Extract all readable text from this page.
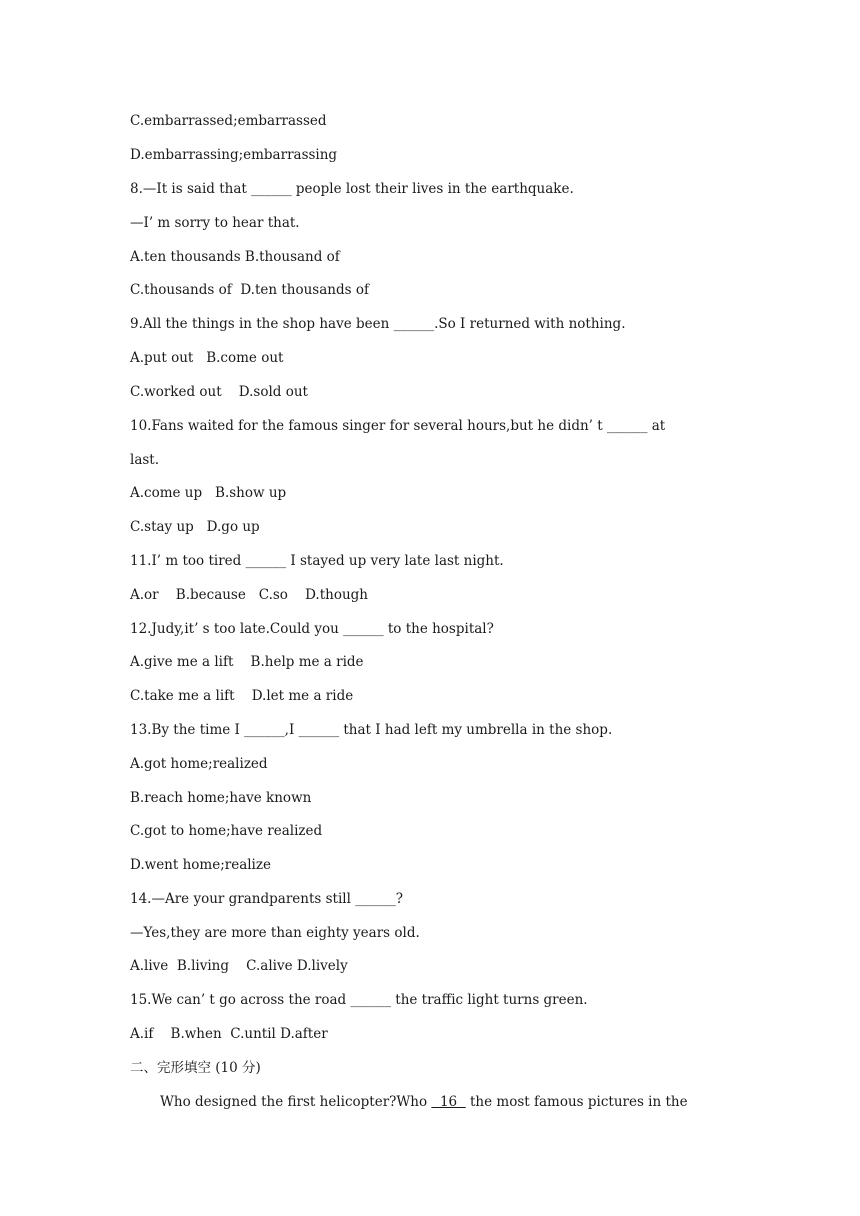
C.embarrassed;embarrassed
D.embarrassing;embarrassing
8.—It is said that ______ people lost their lives in the earthquake.
—I’ m sorry to hear that.
A.ten thousands B.thousand of
C.thousands of  D.ten thousands of
9.All the things in the shop have been ______.So I returned with nothing.
A.put out   B.come out
C.worked out    D.sold out
10.Fans waited for the famous singer for several hours,but he didn’ t ______ at
last.
A.come up   B.show up
C.stay up   D.go up
11.I’ m too tired ______ I stayed up very late last night.
A.or    B.because   C.so    D.though
12.Judy,it’ s too late.Could you ______ to the hospital?
A.give me a lift    B.help me a ride
C.take me a lift    D.let me a ride
13.By the time I ______,I ______ that I had left my umbrella in the shop.
A.got home;realized
B.reach home;have known
C.got to home;have realized
D.went home;realize
14.—Are your grandparents still ______?
—Yes,they are more than eighty years old.
A.live  B.living    C.alive D.lively
15.We can’ t go across the road ______ the traffic light turns green.
A.if    B.when  C.until D.after
二、完形填空 (10 分)
Who designed the first helicopter?Who   16   the most famous pictures in the
